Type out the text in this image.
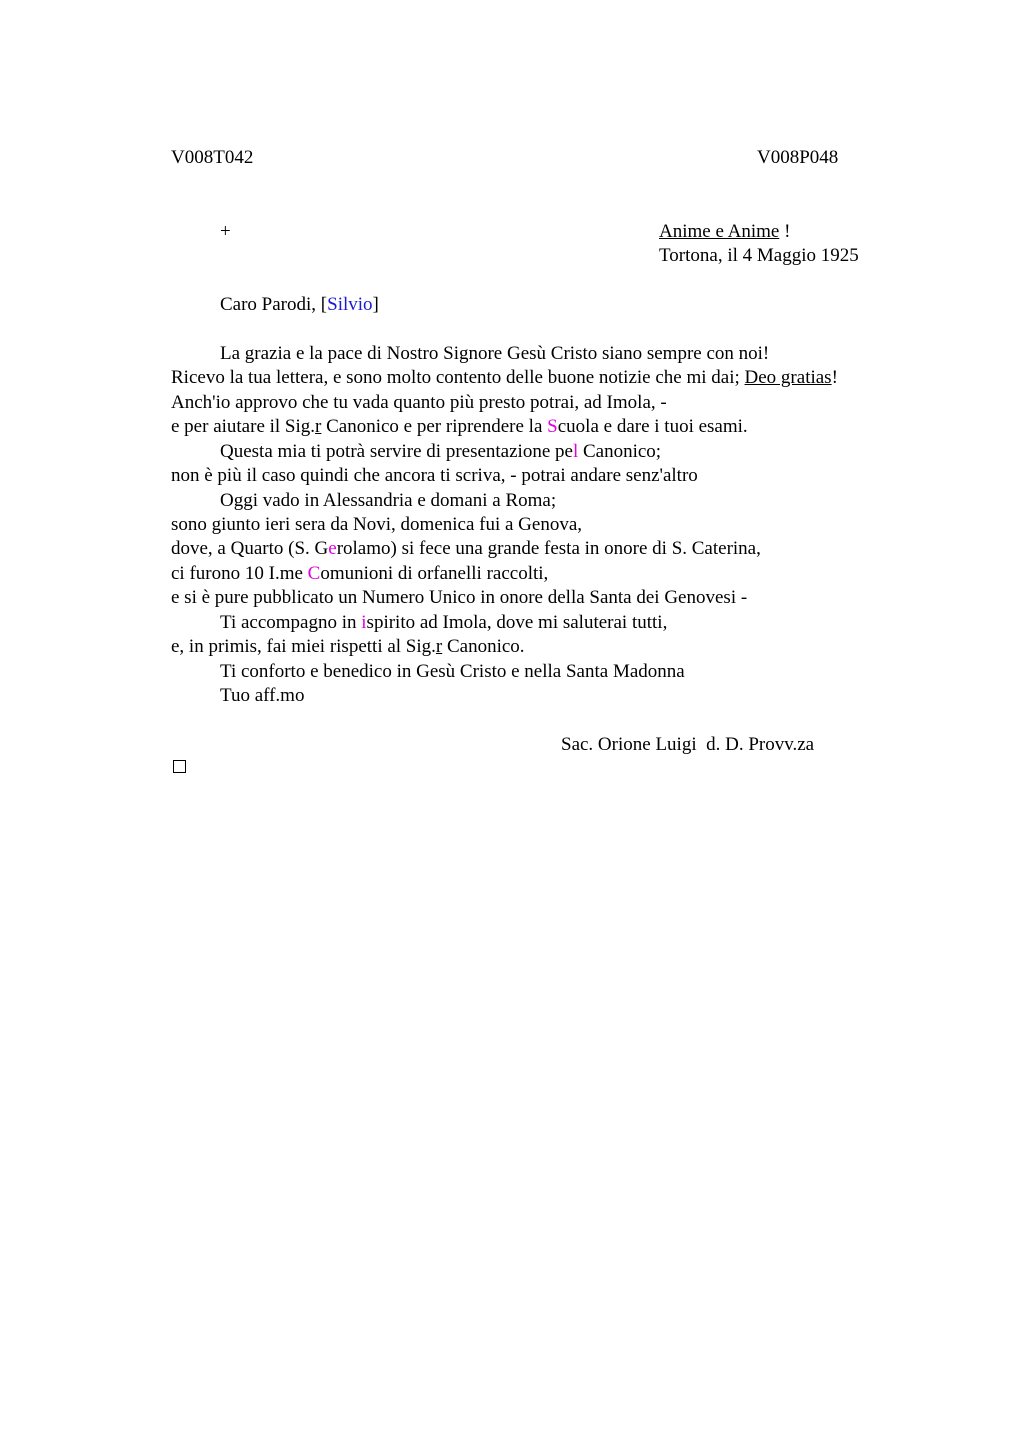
V008T042	V008P048
+	Anime e Anime !
Tortona, il 4 Maggio 1925
Caro Parodi, [Silvio]
La grazia e la pace di Nostro Signore Gesù Cristo siano sempre con noi!
Ricevo la tua lettera, e sono molto contento delle buone notizie che mi dai; Deo gratias!
Anch'io approvo che tu vada quanto più presto potrai, ad Imola, -
e per aiutare il Sig.r Canonico e per riprendere la Scuola e dare i tuoi esami.
Questa mia ti potrà servire di presentazione pel Canonico;
non è più il caso quindi che ancora ti scriva, - potrai andare senz'altro
Oggi vado in Alessandria e domani a Roma;
sono giunto ieri sera da Novi, domenica fui a Genova,
dove, a Quarto (S. Gerolamo) si fece una grande festa in onore di S. Caterina,
ci furono 10 I.me Comunioni di orfanelli raccolti,
e si è pure pubblicato un Numero Unico in onore della Santa dei Genovesi -
Ti accompagno in ispirito ad Imola, dove mi saluterai tutti,
e, in primis, fai miei rispetti al Sig.r Canonico.
Ti conforto e benedico in Gesù Cristo e nella Santa Madonna
Tuo aff.mo
Sac. Orione Luigi  d. D. Provv.za
